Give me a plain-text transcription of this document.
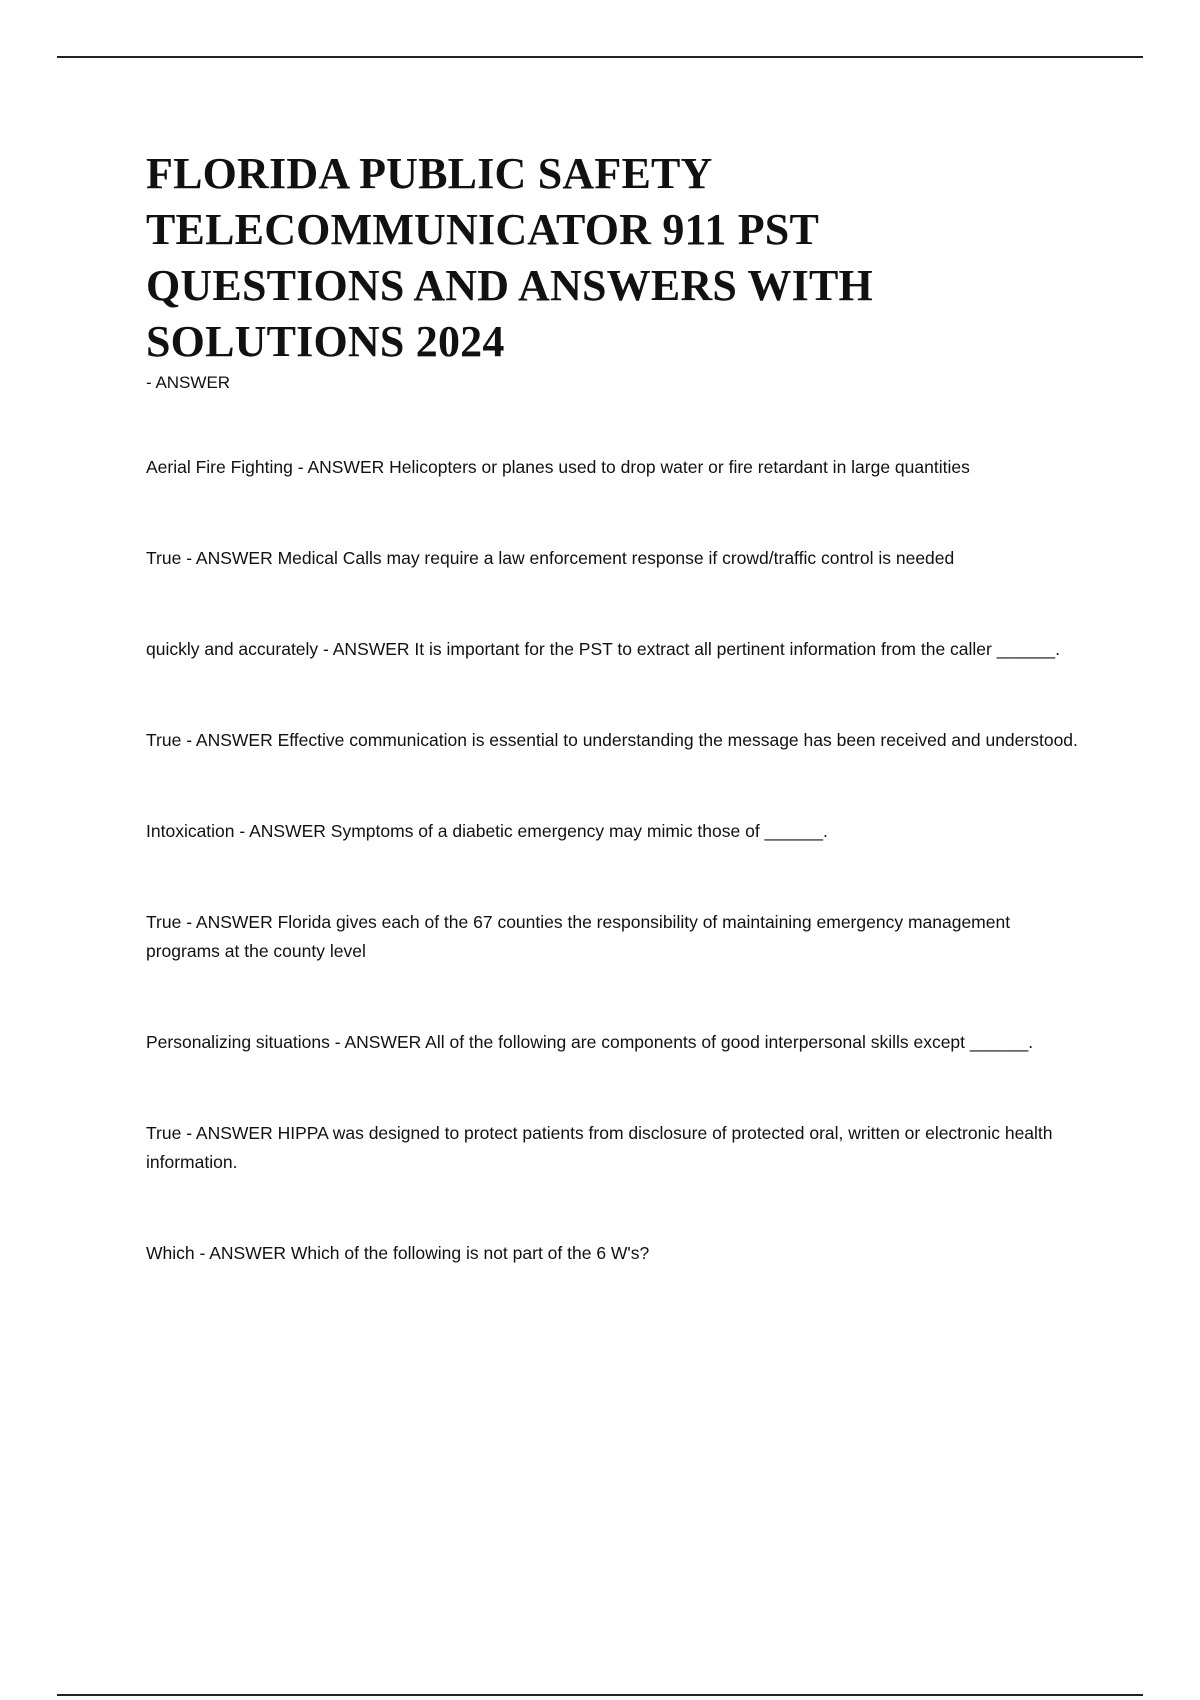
FLORIDA PUBLIC SAFETY
TELECOMMUNICATOR 911 PST
QUESTIONS AND ANSWERS WITH
SOLUTIONS 2024

- ANSWER

Aerial Fire Fighting - ANSWER Helicopters or planes used to drop water or fire retardant in large quantities
True - ANSWER Medical Calls may require a law enforcement response if crowd/traffic control is needed
quickly and accurately - ANSWER It is important for the PST to extract all pertinent information from the caller ______.
True - ANSWER Effective communication is essential to understanding the message has been received and understood.
Intoxication - ANSWER Symptoms of a diabetic emergency may mimic those of ______.
True - ANSWER Florida gives each of the 67 counties the responsibility of maintaining emergency management programs at the county level
Personalizing situations - ANSWER All of the following are components of good interpersonal skills except ______.
True - ANSWER HIPPA was designed to protect patients from disclosure of protected oral, written or electronic health information.
Which - ANSWER Which of the following is not part of the 6 W's?
